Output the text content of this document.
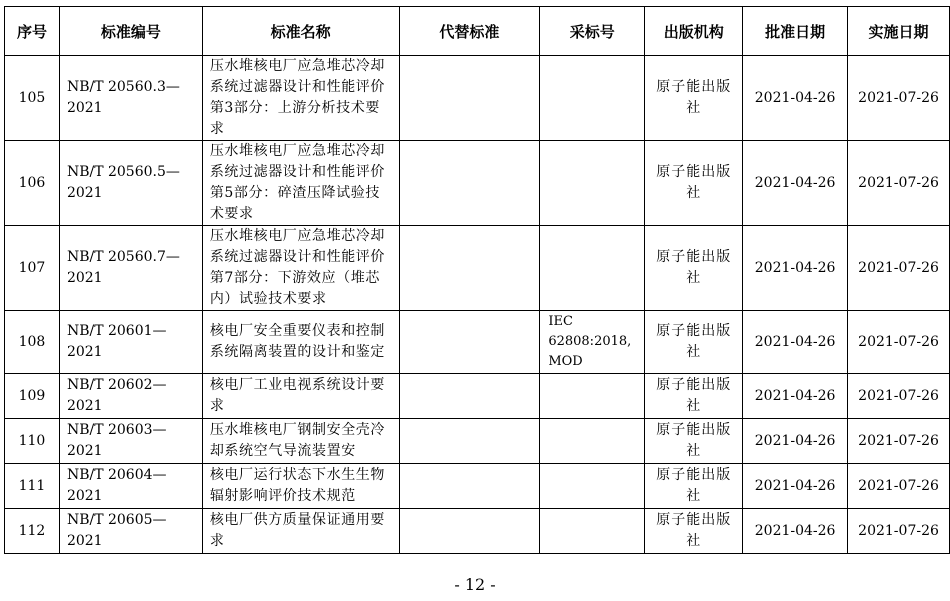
序号	标准编号	标准名称	代替标准	采标号	出版机构	批准日期	实施日期
105	NB/T 20560.3—2021	压水堆核电厂应急堆芯冷却系统过滤器设计和性能评价 第3部分：上游分析技术要求			原子能出版社	2021-04-26	2021-07-26
106	NB/T 20560.5—2021	压水堆核电厂应急堆芯冷却系统过滤器设计和性能评价 第5部分：碎渣压降试验技术要求			原子能出版社	2021-04-26	2021-07-26
107	NB/T 20560.7—2021	压水堆核电厂应急堆芯冷却系统过滤器设计和性能评价 第7部分：下游效应（堆芯内）试验技术要求			原子能出版社	2021-04-26	2021-07-26
108	NB/T 20601—2021	核电厂安全重要仪表和控制系统隔离装置的设计和鉴定		IEC 62808:2018, MOD	原子能出版社	2021-04-26	2021-07-26
109	NB/T 20602—2021	核电厂工业电视系统设计要求			原子能出版社	2021-04-26	2021-07-26
110	NB/T 20603—2021	压水堆核电厂钢制安全壳冷却系统空气导流装置安			原子能出版社	2021-04-26	2021-07-26
111	NB/T 20604—2021	核电厂运行状态下水生生物辐射影响评价技术规范			原子能出版社	2021-04-26	2021-07-26
112	NB/T 20605—2021	核电厂供方质量保证通用要求			原子能出版社	2021-04-26	2021-07-26
- 12 -
